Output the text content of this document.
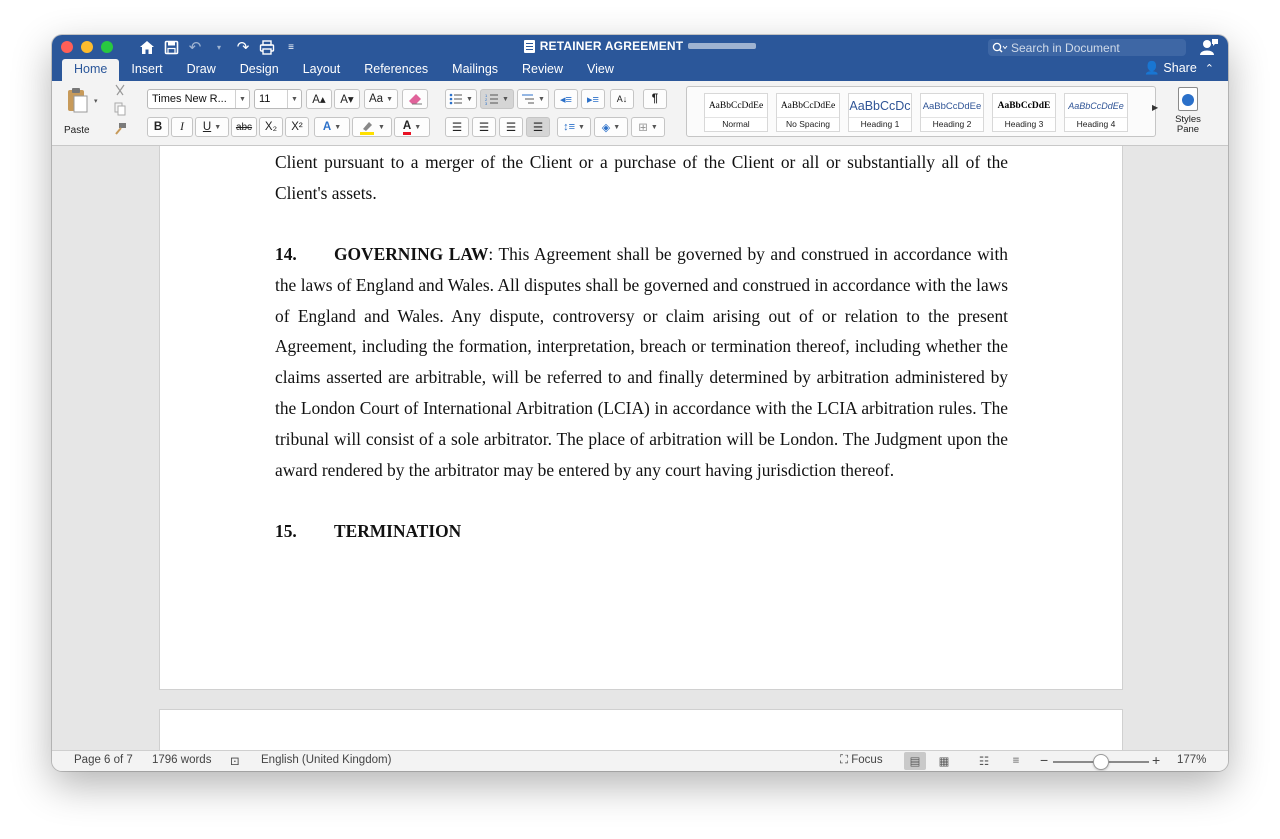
↶	▾	↷	≡	RETAINER AGREEMENT
Search in Document
Home	Insert	Draw	Design	Layout	References	Mailings	Review	View	👤 Share ⌃
▾
Paste
Times New R...	▼ 11	▼	A▴	A▾	Aa ▼
B	I	U ▼	abc	X₂	X²	A ▼	▼ A ▼
▼	1
2
3
▼	▼ ◂≡ ▸≡ A↓ ¶
☰ ☰ ☰ ☰ ↕≡ ▼ ◈ ▼ ⊞ ▼
AaBbCcDdEe
Normal
AaBbCcDdEe
No Spacing
AaBbCcDc
Heading 1
AaBbCcDdEe
Heading 2
AaBbCcDdE
Heading 3
AaBbCcDdEe
Heading 4
▶
Styles
Pane

Client pursuant to a merger of the Client or a purchase of the Client or all or substantially all of the Client's assets.

14. GOVERNING LAW: This Agreement shall be governed by and construed in accordance with the laws of England and Wales. All disputes shall be governed and construed in accordance with the laws of England and Wales. Any dispute, controversy or claim arising out of or relation to the present Agreement, including the formation, interpretation, breach or termination thereof, including whether the claims asserted are arbitrable, will be referred to and finally determined by arbitration administered by the London Court of International Arbitration (LCIA) in accordance with the LCIA arbitration rules. The tribunal will consist of a sole arbitrator. The place of arbitration will be London. The Judgment upon the award rendered by the arbitrator may be entered by any court having jurisdiction thereof.

15. TERMINATION

Page 6 of 7 1796 words ⊡ English (United Kingdom)	⛶ Focus ▤ ▦	☷ ≡ −	+ 177%
